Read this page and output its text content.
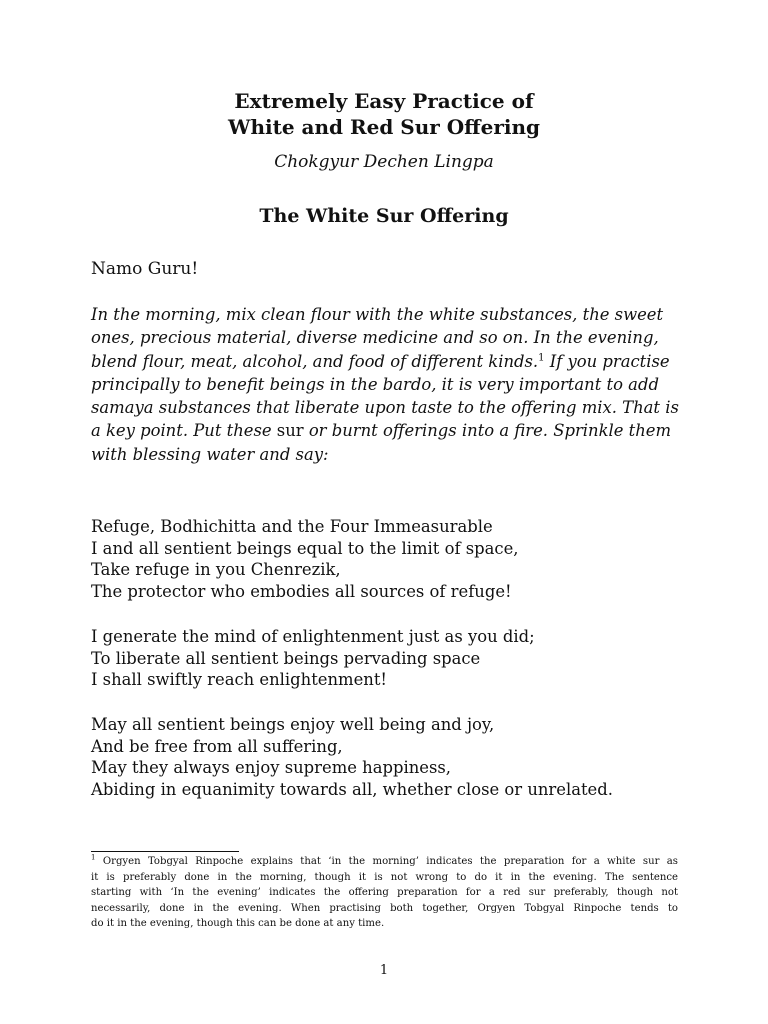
Extremely Easy Practice of
White and Red Sur Offering

Chokgyur Dechen Lingpa

The White Sur Offering

Namo Guru!

In the morning, mix clean flour with the white substances, the sweet
ones, precious material, diverse medicine and so on. In the evening,
blend flour, meat, alcohol, and food of different kinds.$^1$ If you practise
principally to benefit beings in the bardo, it is very important to add
samaya substances that liberate upon taste to the offering mix. That is
a key point. Put these sur or burnt offerings into a fire. Sprinkle them
with blessing water and say:
Refuge, Bodhichitta and the Four Immeasurable
I and all sentient beings equal to the limit of space,
Take refuge in you Chenrezik,
The protector who embodies all sources of refuge!
I generate the mind of enlightenment just as you did;
To liberate all sentient beings pervading space
I shall swiftly reach enlightenment!
May all sentient beings enjoy well being and joy,
And be free from all suffering,
May they always enjoy supreme happiness,
Abiding in equanimity towards all, whether close or unrelated.
$^1$ Orgyen Tobgyal Rinpoche explains that ‘in the morning’ indicates the preparation for a white sur as
it is preferably done in the morning, though it is not wrong to do it in the evening. The sentence
starting with ‘In the evening’ indicates the offering preparation for a red sur preferably, though not
necessarily, done in the evening. When practising both together, Orgyen Tobgyal Rinpoche tends to
do it in the evening, though this can be done at any time.

1
